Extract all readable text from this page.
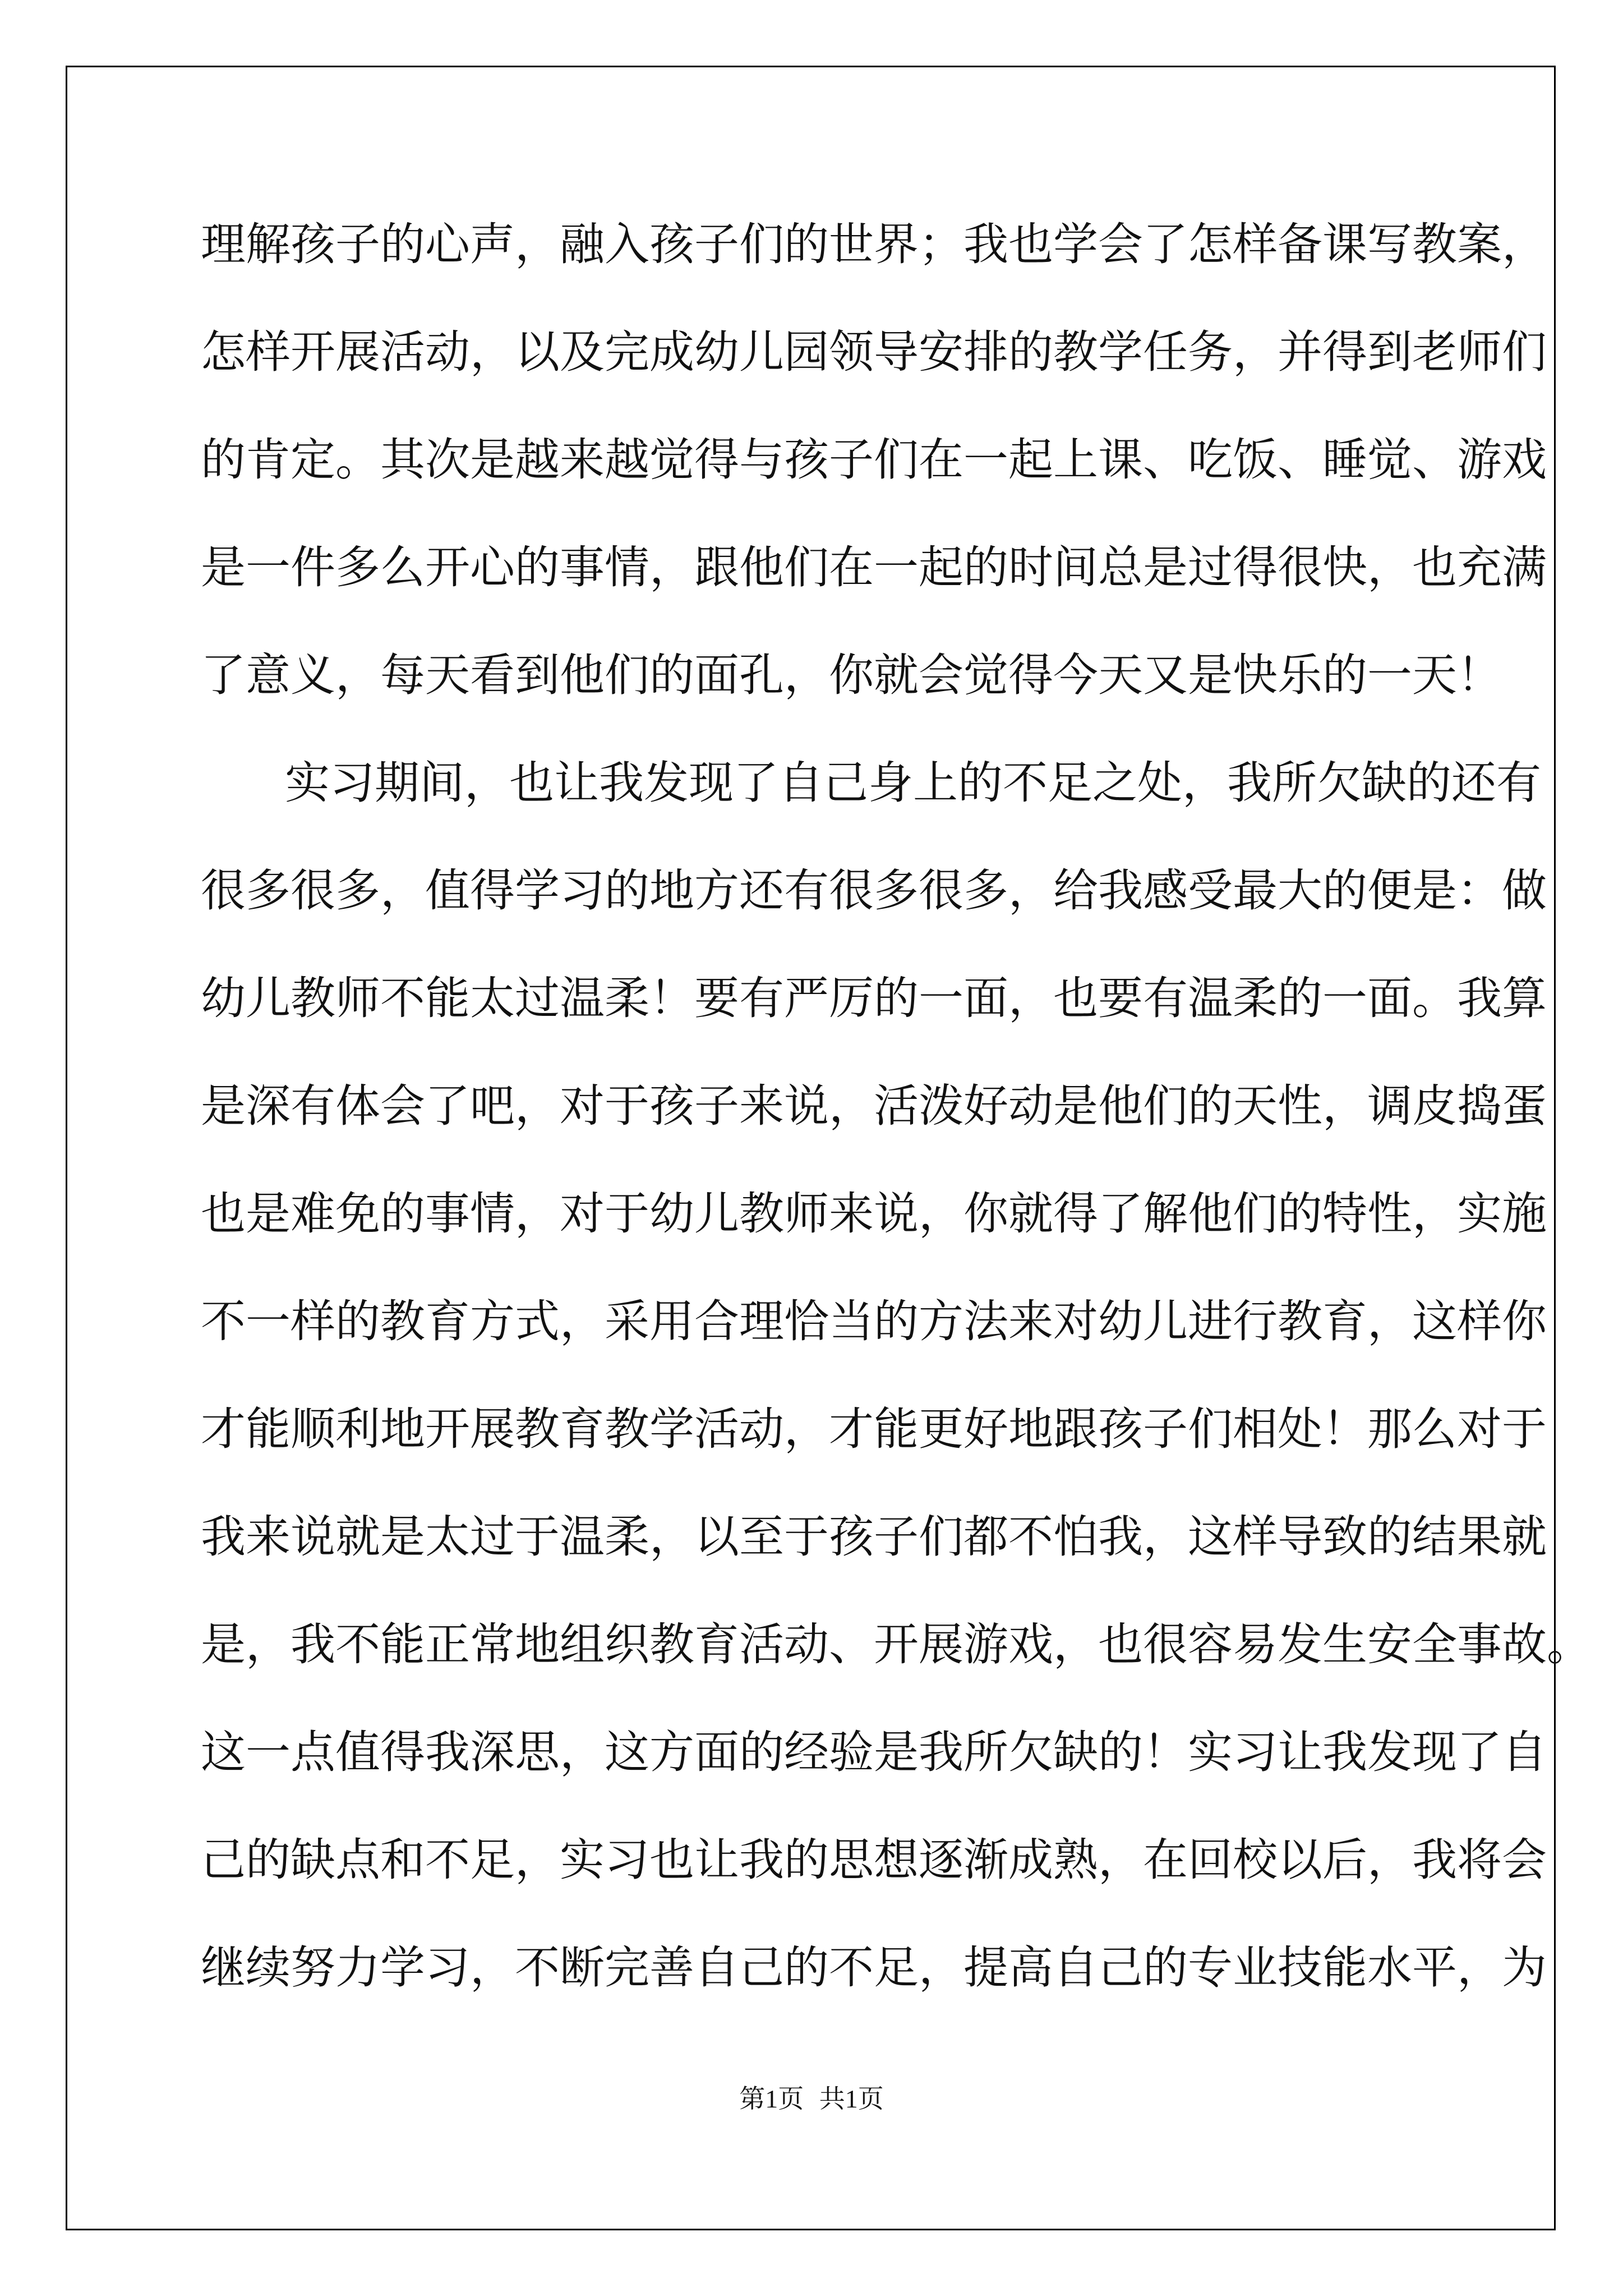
理解孩子的心声，融入孩子们的世界；我也学会了怎样备课写教案，
怎样开展活动，以及完成幼儿园领导安排的教学任务，并得到老师们
的肯定。其次是越来越觉得与孩子们在一起上课、吃饭、睡觉、游戏
是一件多么开心的事情，跟他们在一起的时间总是过得很快，也充满
了意义，每天看到他们的面孔，你就会觉得今天又是快乐的一天！
实习期间，也让我发现了自己身上的不足之处，我所欠缺的还有
很多很多，值得学习的地方还有很多很多，给我感受最大的便是：做
幼儿教师不能太过温柔！要有严厉的一面，也要有温柔的一面。我算
是深有体会了吧，对于孩子来说，活泼好动是他们的天性，调皮捣蛋
也是难免的事情，对于幼儿教师来说，你就得了解他们的特性，实施
不一样的教育方式，采用合理恰当的方法来对幼儿进行教育，这样你
才能顺利地开展教育教学活动，才能更好地跟孩子们相处！那么对于
我来说就是太过于温柔，以至于孩子们都不怕我，这样导致的结果就
是，我不能正常地组织教育活动、开展游戏，也很容易发生安全事故。
这一点值得我深思，这方面的经验是我所欠缺的！实习让我发现了自
己的缺点和不足，实习也让我的思想逐渐成熟，在回校以后，我将会
继续努力学习，不断完善自己的不足，提高自己的专业技能水平，为
第1页 共1页
